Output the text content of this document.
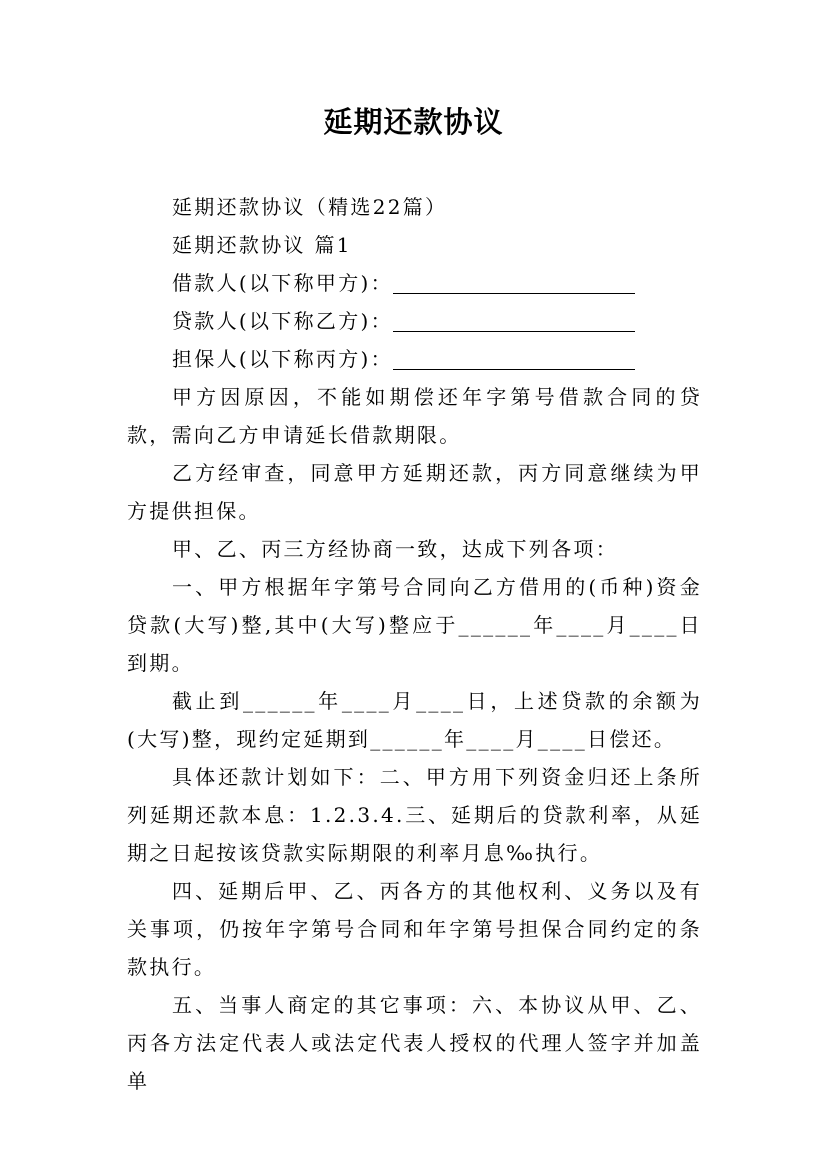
延期还款协议

延期还款协议（精选22篇）

延期还款协议 篇1

借款人(以下称甲方)：
贷款人(以下称乙方)：
担保人(以下称丙方)：

甲方因原因，不能如期偿还年字第号借款合同的贷款，需向乙方申请延长借款期限。

乙方经审查，同意甲方延期还款，丙方同意继续为甲方提供担保。

甲、乙、丙三方经协商一致，达成下列各项：

一、甲方根据年字第号合同向乙方借用的(币种)资金贷款(大写)整,其中(大写)整应于______年____月____日到期。

截止到______年____月____日，上述贷款的余额为(大写)整，现约定延期到______年____月____日偿还。

具体还款计划如下：二、甲方用下列资金归还上条所列延期还款本息：1.2.3.4.三、延期后的贷款利率，从延期之日起按该贷款实际期限的利率月息‰执行。

四、延期后甲、乙、丙各方的其他权利、义务以及有关事项，仍按年字第号合同和年字第号担保合同约定的条款执行。

五、当事人商定的其它事项：六、本协议从甲、乙、丙各方法定代表人或法定代表人授权的代理人签字并加盖单
